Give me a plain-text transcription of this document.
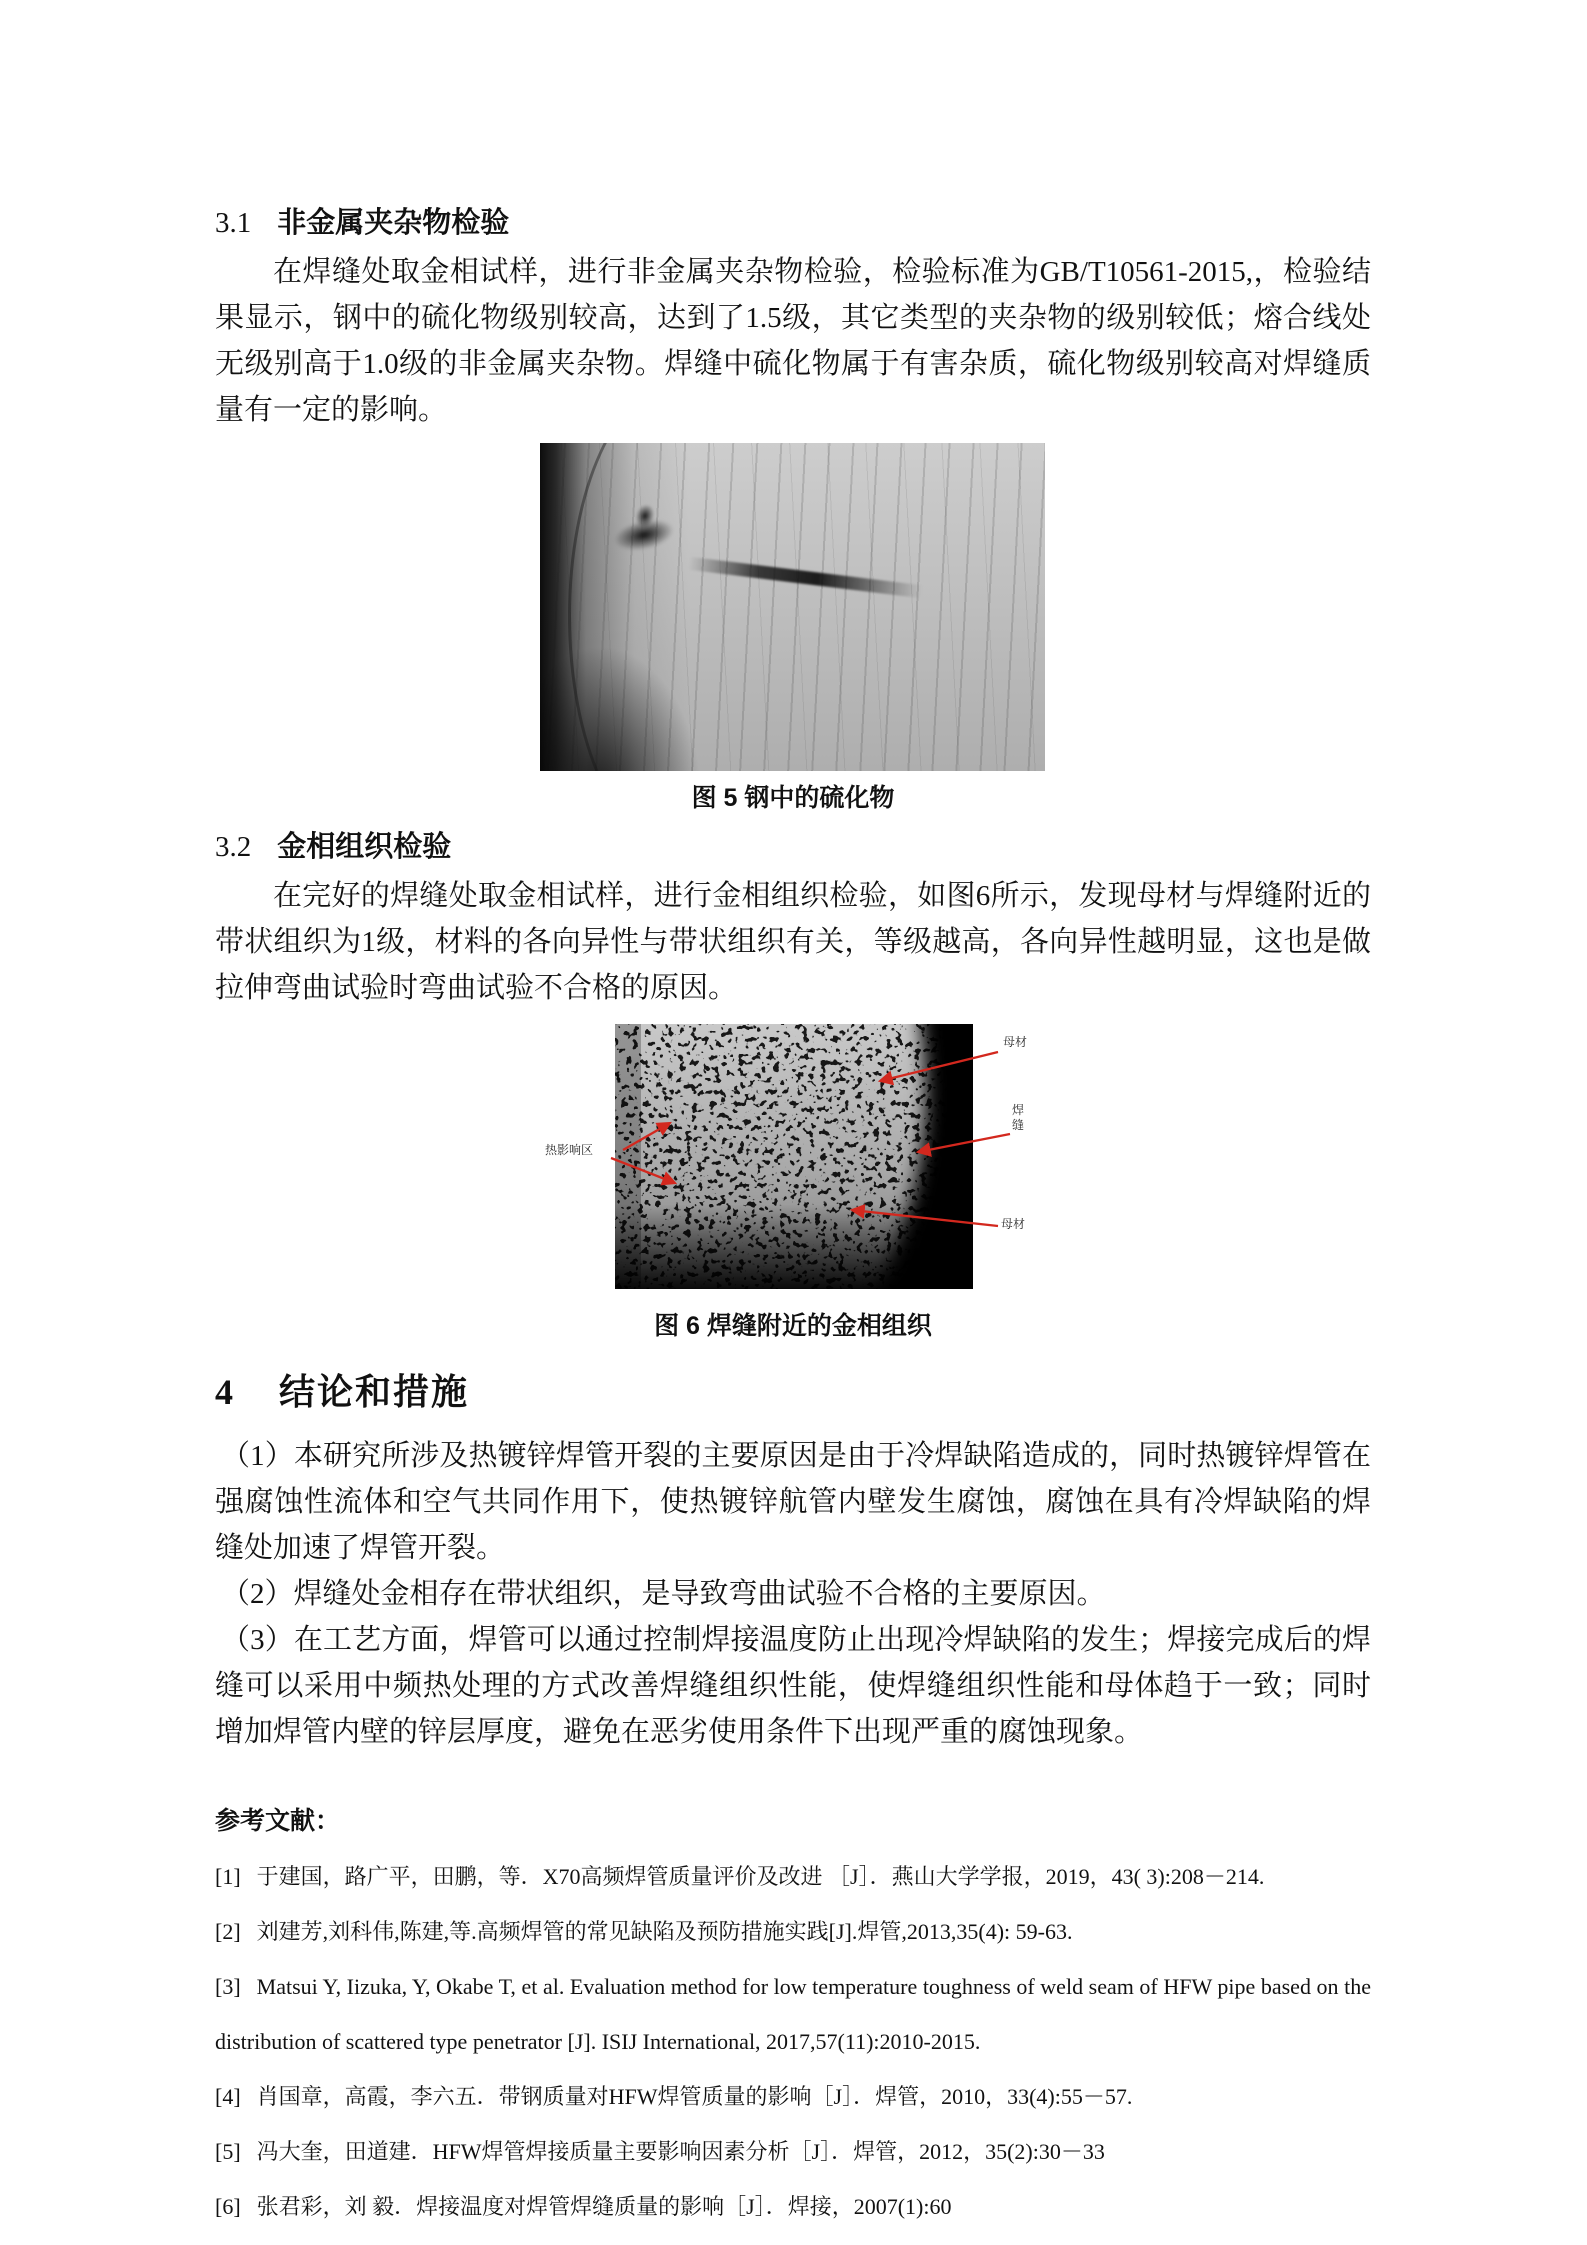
3.1 非金属夹杂物检验

在焊缝处取金相试样，进行非金属夹杂物检验，检验标准为GB/T10561-2015,，检验结果显示，钢中的硫化物级别较高，达到了1.5级，其它类型的夹杂物的级别较低；熔合线处无级别高于1.0级的非金属夹杂物。焊缝中硫化物属于有害杂质，硫化物级别较高对焊缝质量有一定的影响。

图 5 钢中的硫化物
3.2 金相组织检验

在完好的焊缝处取金相试样，进行金相组织检验，如图6所示，发现母材与焊缝附近的带状组织为1级，材料的各向异性与带状组织有关，等级越高，各向异性越明显，这也是做拉伸弯曲试验时弯曲试验不合格的原因。

热影响区
母材
焊缝
母材
图 6 焊缝附近的金相组织
4 结论和措施

（1）本研究所涉及热镀锌焊管开裂的主要原因是由于冷焊缺陷造成的，同时热镀锌焊管在强腐蚀性流体和空气共同作用下，使热镀锌航管内壁发生腐蚀，腐蚀在具有冷焊缺陷的焊缝处加速了焊管开裂。

（2）焊缝处金相存在带状组织，是导致弯曲试验不合格的主要原因。

（3）在工艺方面，焊管可以通过控制焊接温度防止出现冷焊缺陷的发生；焊接完成后的焊缝可以采用中频热处理的方式改善焊缝组织性能，使焊缝组织性能和母体趋于一致；同时增加焊管内壁的锌层厚度，避免在恶劣使用条件下出现严重的腐蚀现象。

参考文献：
[1] 于建国，路广平，田鹏，等．X70高频焊管质量评价及改进 ［J］．燕山大学学报，2019，43( 3):208－214.
[2] 刘建芳,刘科伟,陈建,等.高频焊管的常见缺陷及预防措施实践[J].焊管,2013,35(4): 59-63.
[3] Matsui Y, Iizuka, Y, Okabe T, et al. Evaluation method for low temperature toughness of weld seam of HFW pipe based on the distribution of scattered type penetrator [J]. ISIJ International, 2017,57(11):2010-2015.
[4] 肖国章，高霞，李六五．带钢质量对HFW焊管质量的影响［J］．焊管，2010，33(4):55－57.
[5] 冯大奎，田道建．HFW焊管焊接质量主要影响因素分析［J］．焊管，2012，35(2):30－33
[6] 张君彩，刘 毅．焊接温度对焊管焊缝质量的影响［J］．焊接，2007(1):60
